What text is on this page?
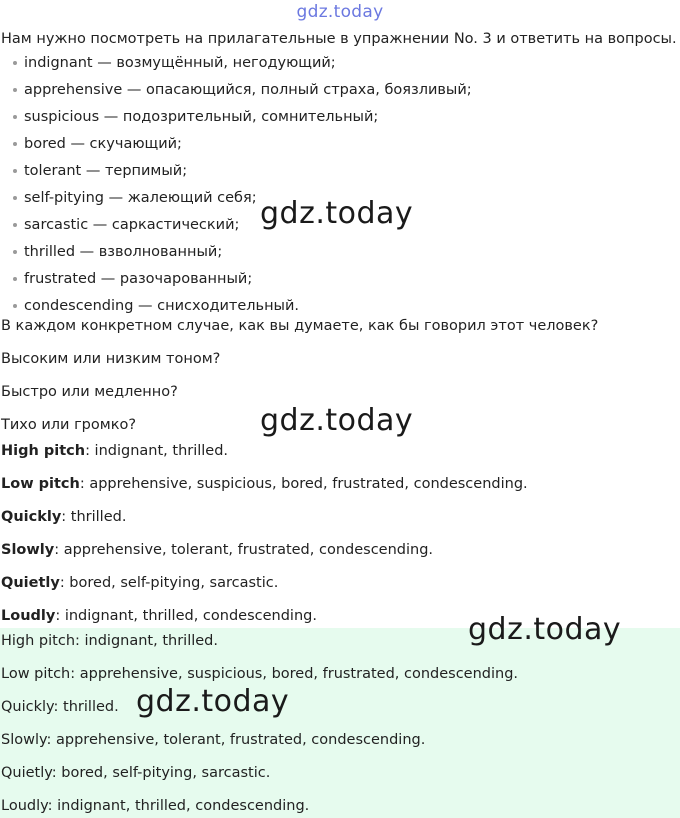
gdz.today
Нам нужно посмотреть на прилагательные в упражнении No. 3 и ответить на вопросы.
indignant — возмущённый, негодующий;
apprehensive — опасающийся, полный страха, боязливый;
suspicious — подозрительный, сомнительный;
bored — скучающий;
tolerant — терпимый;
self-pitying — жалеющий себя;
sarcastic — саркастический;
thrilled — взволнованный;
frustrated — разочарованный;
condescending — снисходительный.
В каждом конкретном случае, как вы думаете, как бы говорил этот человек?
Высоким или низким тоном?
Быстро или медленно?
Тихо или громко?
High pitch: indignant, thrilled.
Low pitch: apprehensive, suspicious, bored, frustrated, condescending.
Quickly: thrilled.
Slowly: apprehensive, tolerant, frustrated, condescending.
Quietly: bored, self-pitying, sarcastic.
Loudly: indignant, thrilled, condescending.
High pitch: indignant, thrilled.
Low pitch: apprehensive, suspicious, bored, frustrated, condescending.
Quickly: thrilled.
Slowly: apprehensive, tolerant, frustrated, condescending.
Quietly: bored, self-pitying, sarcastic.
Loudly: indignant, thrilled, condescending.
gdz.today
gdz.today
gdz.today
gdz.today
